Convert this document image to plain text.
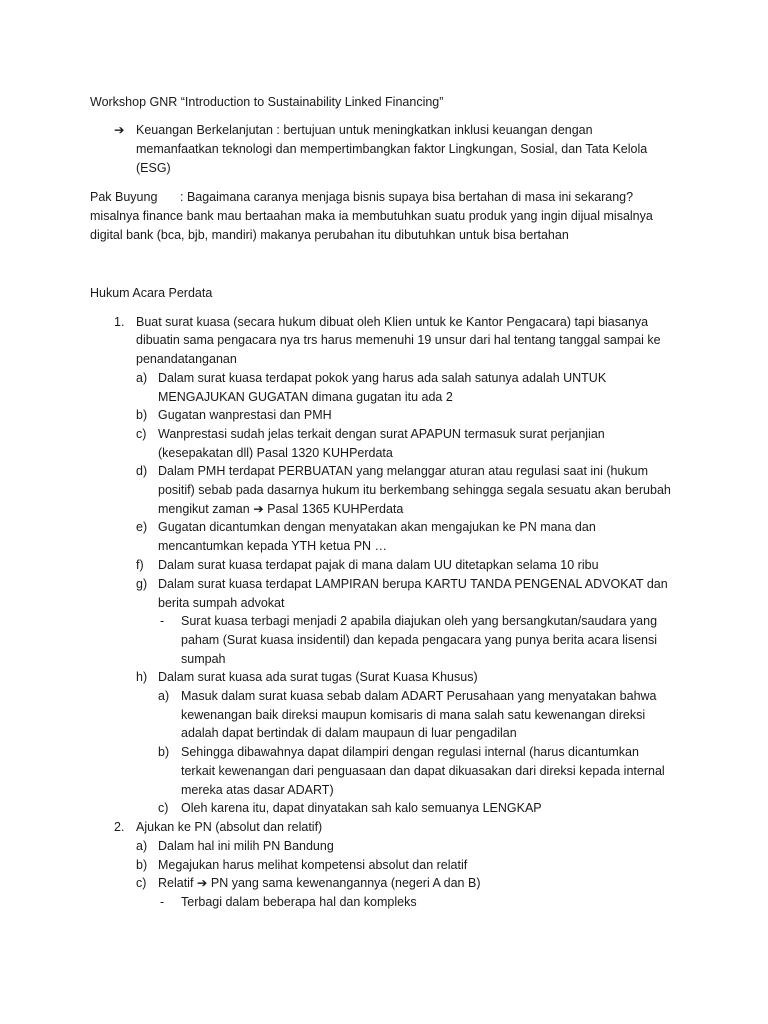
Workshop GNR “Introduction to Sustainability Linked Financing”
➔ Keuangan Berkelanjutan : bertujuan untuk meningkatkan inklusi keuangan dengan
memanfaatkan teknologi dan mempertimbangkan faktor Lingkungan, Sosial, dan Tata Kelola
(ESG)
Pak Buyung : Bagaimana caranya menjaga bisnis supaya bisa bertahan di masa ini sekarang?
misalnya finance bank mau bertaahan maka ia membutuhkan suatu produk yang ingin dijual misalnya
digital bank (bca, bjb, mandiri) makanya perubahan itu dibutuhkan untuk bisa bertahan
Hukum Acara Perdata
1. Buat surat kuasa (secara hukum dibuat oleh Klien untuk ke Kantor Pengacara) tapi biasanya
dibuatin sama pengacara nya trs harus memenuhi 19 unsur dari hal tentang tanggal sampai ke
penandatanganan
a) Dalam surat kuasa terdapat pokok yang harus ada salah satunya adalah UNTUK
MENGAJUKAN GUGATAN dimana gugatan itu ada 2
b) Gugatan wanprestasi dan PMH
c) Wanprestasi sudah jelas terkait dengan surat APAPUN termasuk surat perjanjian
(kesepakatan dll) Pasal 1320 KUHPerdata
d) Dalam PMH terdapat PERBUATAN yang melanggar aturan atau regulasi saat ini (hukum
positif) sebab pada dasarnya hukum itu berkembang sehingga segala sesuatu akan berubah
mengikut zaman ➔ Pasal 1365 KUHPerdata
e) Gugatan dicantumkan dengan menyatakan akan mengajukan ke PN mana dan
mencantumkan kepada YTH ketua PN …
f) Dalam surat kuasa terdapat pajak di mana dalam UU ditetapkan selama 10 ribu
g) Dalam surat kuasa terdapat LAMPIRAN berupa KARTU TANDA PENGENAL ADVOKAT dan
berita sumpah advokat
- Surat kuasa terbagi menjadi 2 apabila diajukan oleh yang bersangkutan/saudara yang
paham (Surat kuasa insidentil) dan kepada pengacara yang punya berita acara lisensi
sumpah
h) Dalam surat kuasa ada surat tugas (Surat Kuasa Khusus)
a) Masuk dalam surat kuasa sebab dalam ADART Perusahaan yang menyatakan bahwa
kewenangan baik direksi maupun komisaris di mana salah satu kewenangan direksi
adalah dapat bertindak di dalam maupaun di luar pengadilan
b) Sehingga dibawahnya dapat dilampiri dengan regulasi internal (harus dicantumkan
terkait kewenangan dari penguasaan dan dapat dikuasakan dari direksi kepada internal
mereka atas dasar ADART)
c) Oleh karena itu, dapat dinyatakan sah kalo semuanya LENGKAP
2. Ajukan ke PN (absolut dan relatif)
a) Dalam hal ini milih PN Bandung
b) Megajukan harus melihat kompetensi absolut dan relatif
c) Relatif ➔ PN yang sama kewenangannya (negeri A dan B)
- Terbagi dalam beberapa hal dan kompleks
